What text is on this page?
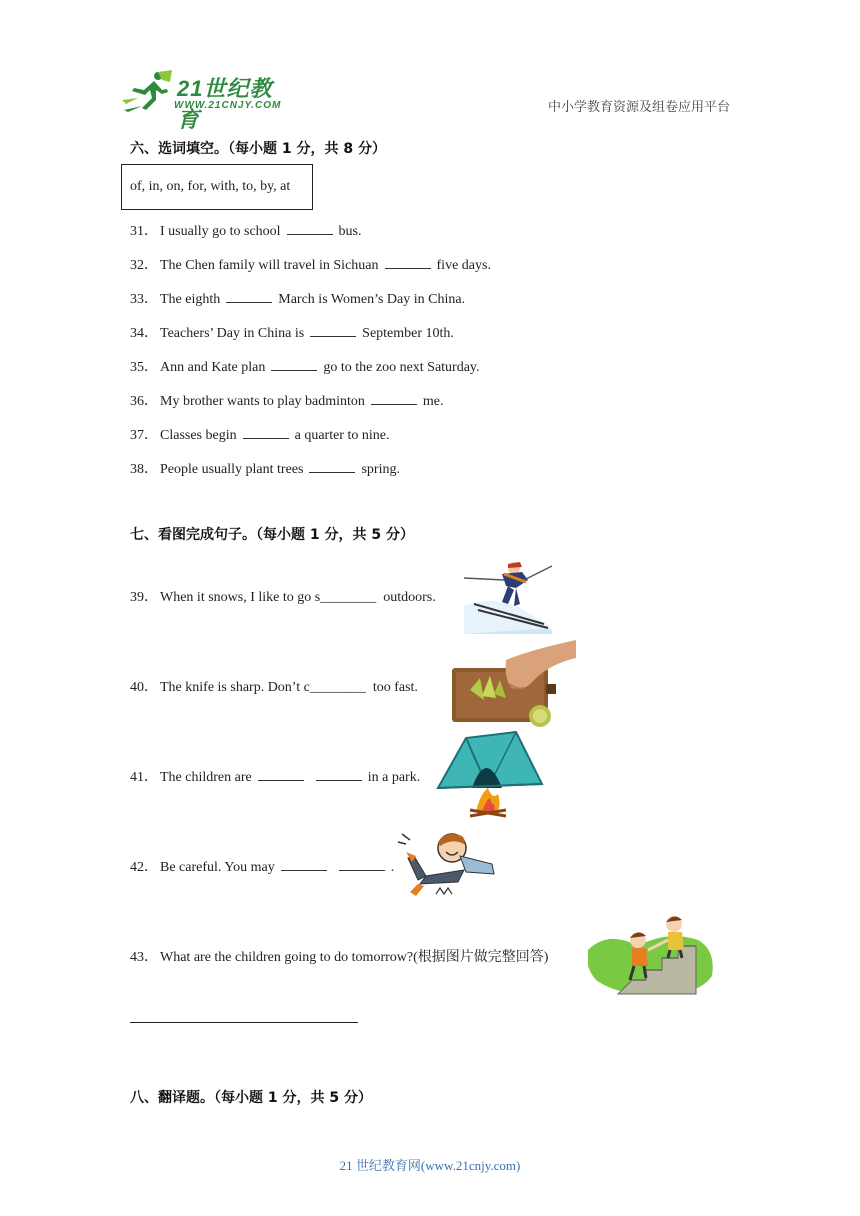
21世纪教育
WWW.21CNJY.COM	中小学教育资源及组卷应用平台
六、选词填空。（每小题 1 分，共 8 分）
of, in, on, for, with, to, by, at
31． I usually go to school	bus.
32． The Chen family will travel in Sichuan	five days.
33． The eighth	March is Women’s Day in China.
34． Teachers’ Day in China is	September 10th.
35． Ann and Kate plan	go to the zoo next Saturday.
36． My brother wants to play badminton	me.
37． Classes begin	a quarter to nine.
38． People usually plant trees	spring.
七、看图完成句子。（每小题 1 分，共 5 分）
39． When it snows, I like to go s________ outdoors.
40． The knife is sharp. Don’t c________ too fast.
41． The children are	in a park.
42． Be careful. You may	.
43． What are the children going to do tomorrow?(根据图片做完整回答)
八、翻译题。（每小题 1 分，共 5 分）
21 世纪教育网(www.21cnjy.com)
